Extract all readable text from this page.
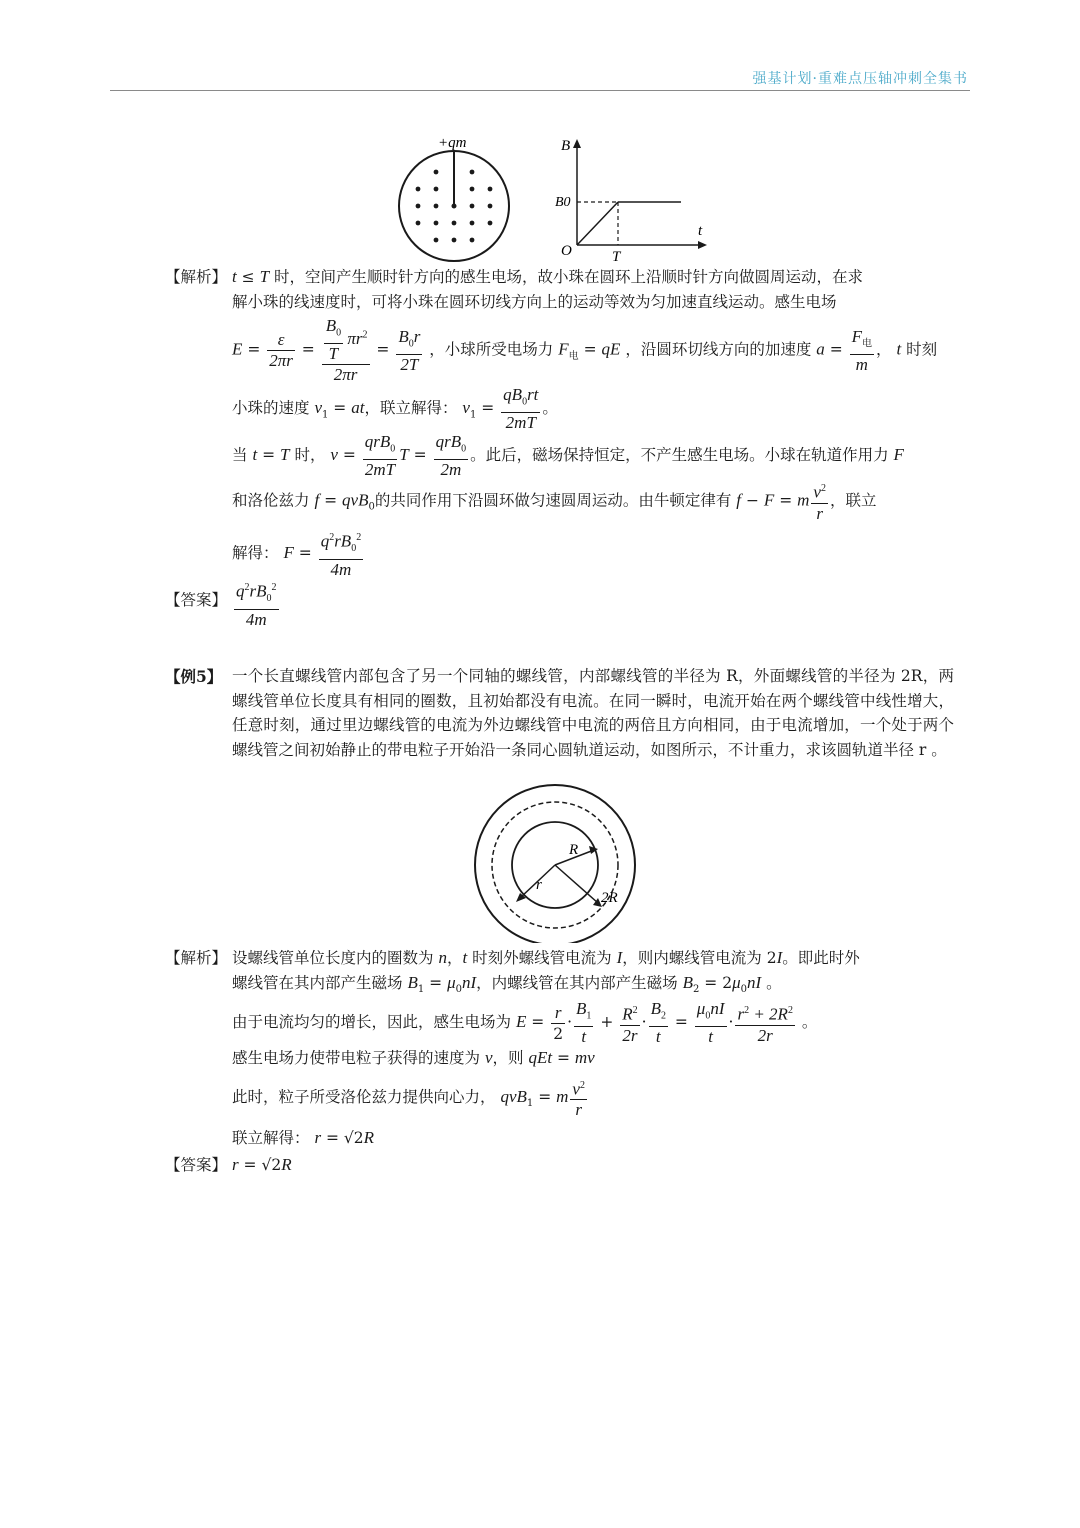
强基计划·重难点压轴冲刺全集书
+qm	B
B0
O	T
t
【解析】 t ≤ T 时，空间产生顺时针方向的感生电场，故小珠在圆环上沿顺时针方向做圆周运动，在求
解小珠的线速度时，可将小珠在圆环切线方向上的运动等效为匀加速直线运动。感生电场
$E = \frac{\varepsilon}{2\pi r} = \frac{\frac{B_0}{T} \pi r^2}{2\pi r} = \frac{B_0r}{2T}$ ，小球所受电场力 $F_电$ = qE ，沿圆环切线方向的加速度 $a = \frac{F_电}{m}$ ， t 时刻
小珠的速度 $v_1$ = at，联立解得： $v_1 = \frac{qB_0rt}{2mT}$ 。
当 t = T 时， $v = \frac{qrB_0}{2mT}$ $T = \frac{qrB_0}{2m}$ 。此后，磁场保持恒定，不产生感生电场。小球在轨道作用力 F
和洛伦兹力 f = qvB$_0$的共同作用下沿圆环做匀速圆周运动。由牛顿定律有 f − F = m $\frac{v^2}{r}$ ，联立
解得： $F = \frac{q^2rB_0^2}{4m}$
【答案】 $\frac{q^2rB_0^2}{4m}$
【例5】 一个长直螺线管内部包含了另一个同轴的螺线管，内部螺线管的半径为 R，外面螺线管的半径为 2R，两螺线管单位长度具有相同的圈数，且初始都没有电流。在同一瞬时，电流开始在两个螺线管中线性增大，任意时刻，通过里边螺线管的电流为外边螺线管中电流的两倍且方向相同，由于电流增加，一个处于两个螺线管之间初始静止的带电粒子开始沿一条同心圆轨道运动，如图所示，不计重力，求该圆轨道半径 r 。
R
r
2R
【解析】 设螺线管单位长度内的圈数为 n，t 时刻外螺线管电流为 I，则内螺线管电流为 2I。即此时外
螺线管在其内部产生磁场 $B_1 = \mu_0nI$，内螺线管在其内部产生磁场 $B_2 = 2\mu_0nI$ 。
由于电流均匀的增长，因此，感生电场为 $E = \frac{r}{2} \cdot \frac{B_1}{t} + \frac{R^2}{2r} \cdot \frac{B_2}{t} = \frac{\mu_0nI}{t} \cdot \frac{r^2 + 2R^2}{2r}$ 。
感生电场力使带电粒子获得的速度为 v，则 qEt = mv
此时，粒子所受洛伦兹力提供向心力， qvB$_1$ = m $\frac{v^2}{r}$
联立解得： r = √2R
【答案】 r = √2R
